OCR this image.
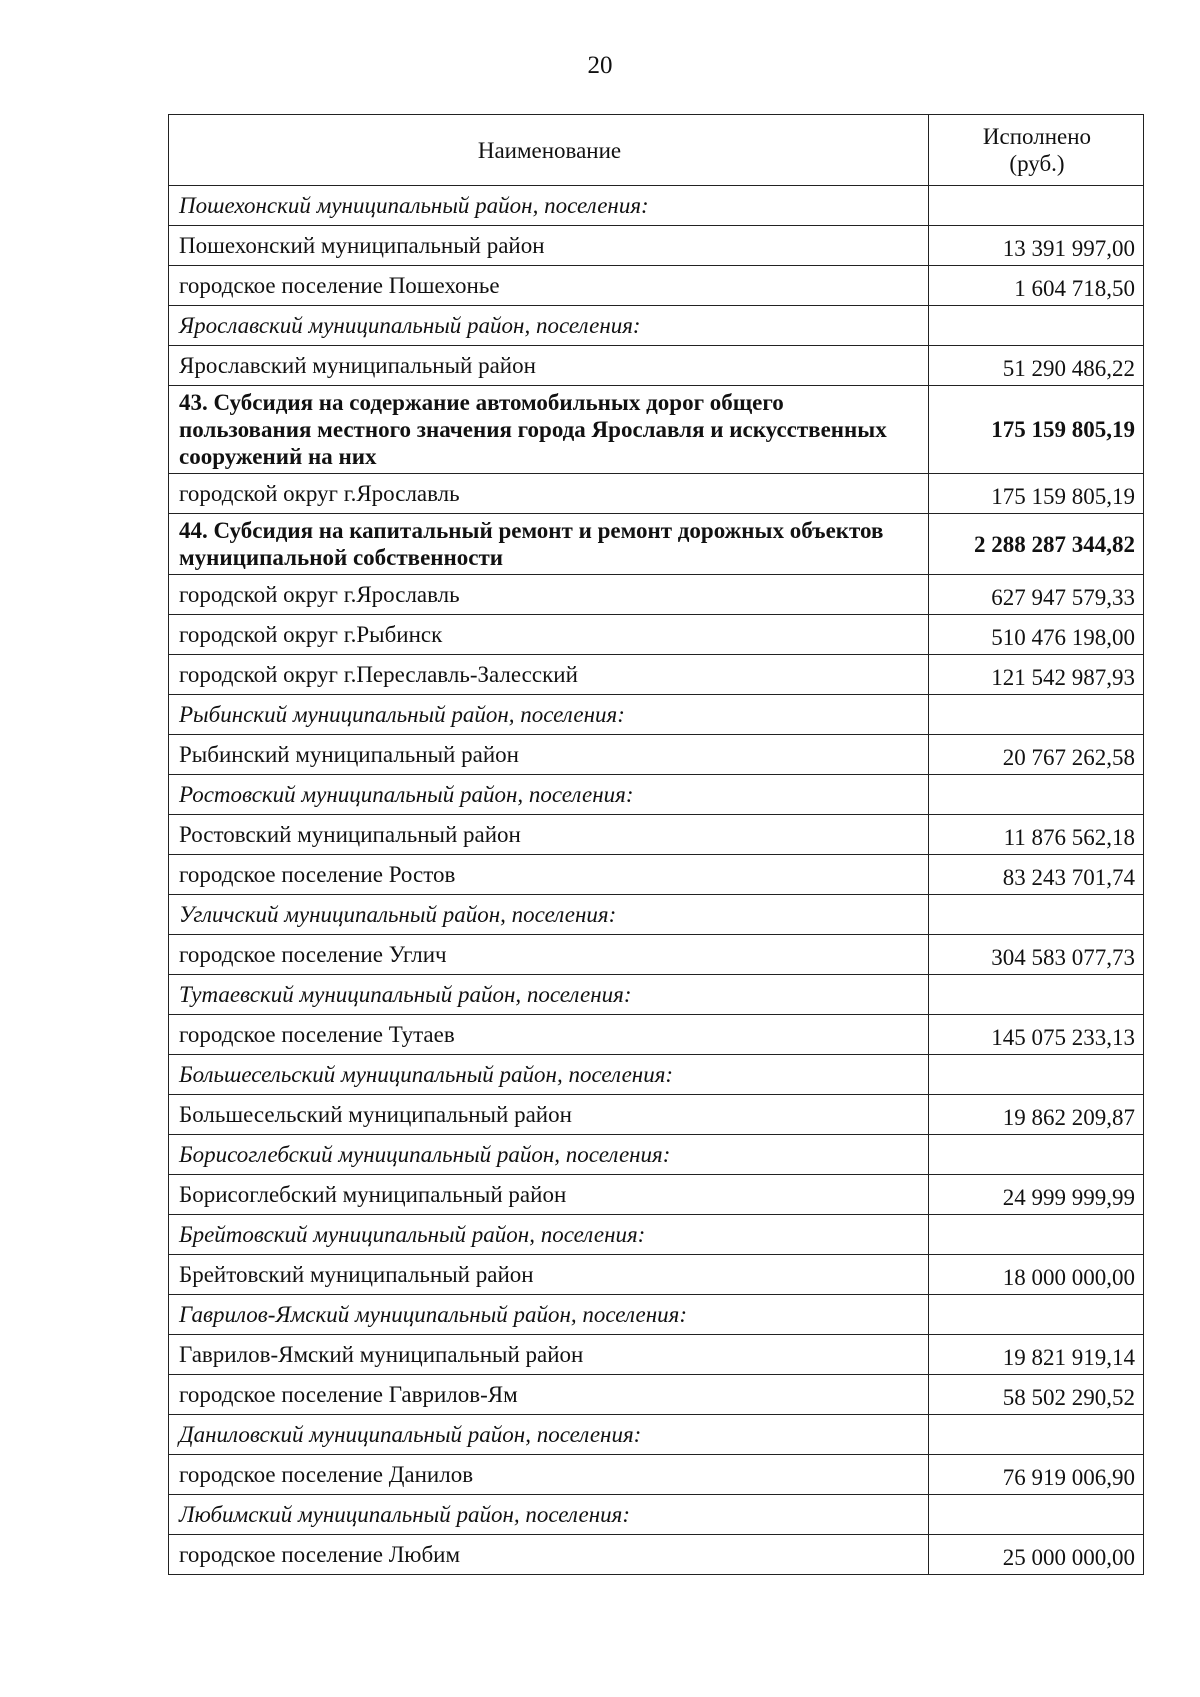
20
Наименование	Исполнено
(руб.)
Пошехонский муниципальный район, поселения:	
Пошехонский муниципальный район	13 391 997,00
городское поселение Пошехонье	1 604 718,50
Ярославский муниципальный район, поселения:	
Ярославский муниципальный район	51 290 486,22
43. Субсидия на содержание автомобильных дорог общего пользования местного значения города Ярославля и искусственных сооружений на них	175 159 805,19
городской округ г.Ярославль	175 159 805,19
44. Субсидия на капитальный ремонт и ремонт дорожных объектов муниципальной собственности	2 288 287 344,82
городской округ г.Ярославль	627 947 579,33
городской округ г.Рыбинск	510 476 198,00
городской округ г.Переславль-Залесский	121 542 987,93
Рыбинский муниципальный район, поселения:	
Рыбинский муниципальный район	20 767 262,58
Ростовский муниципальный район, поселения:	
Ростовский муниципальный район	11 876 562,18
городское поселение Ростов	83 243 701,74
Угличский муниципальный район, поселения:	
городское поселение Углич	304 583 077,73
Тутаевский муниципальный район, поселения:	
городское поселение Тутаев	145 075 233,13
Большесельский муниципальный район, поселения:	
Большесельский муниципальный район	19 862 209,87
Борисоглебский муниципальный район, поселения:	
Борисоглебский муниципальный район	24 999 999,99
Брейтовский муниципальный район, поселения:	
Брейтовский муниципальный район	18 000 000,00
Гаврилов-Ямский муниципальный район, поселения:	
Гаврилов-Ямский муниципальный район	19 821 919,14
городское поселение Гаврилов-Ям	58 502 290,52
Даниловский муниципальный район, поселения:	
городское поселение Данилов	76 919 006,90
Любимский муниципальный район, поселения:	
городское поселение Любим	25 000 000,00
